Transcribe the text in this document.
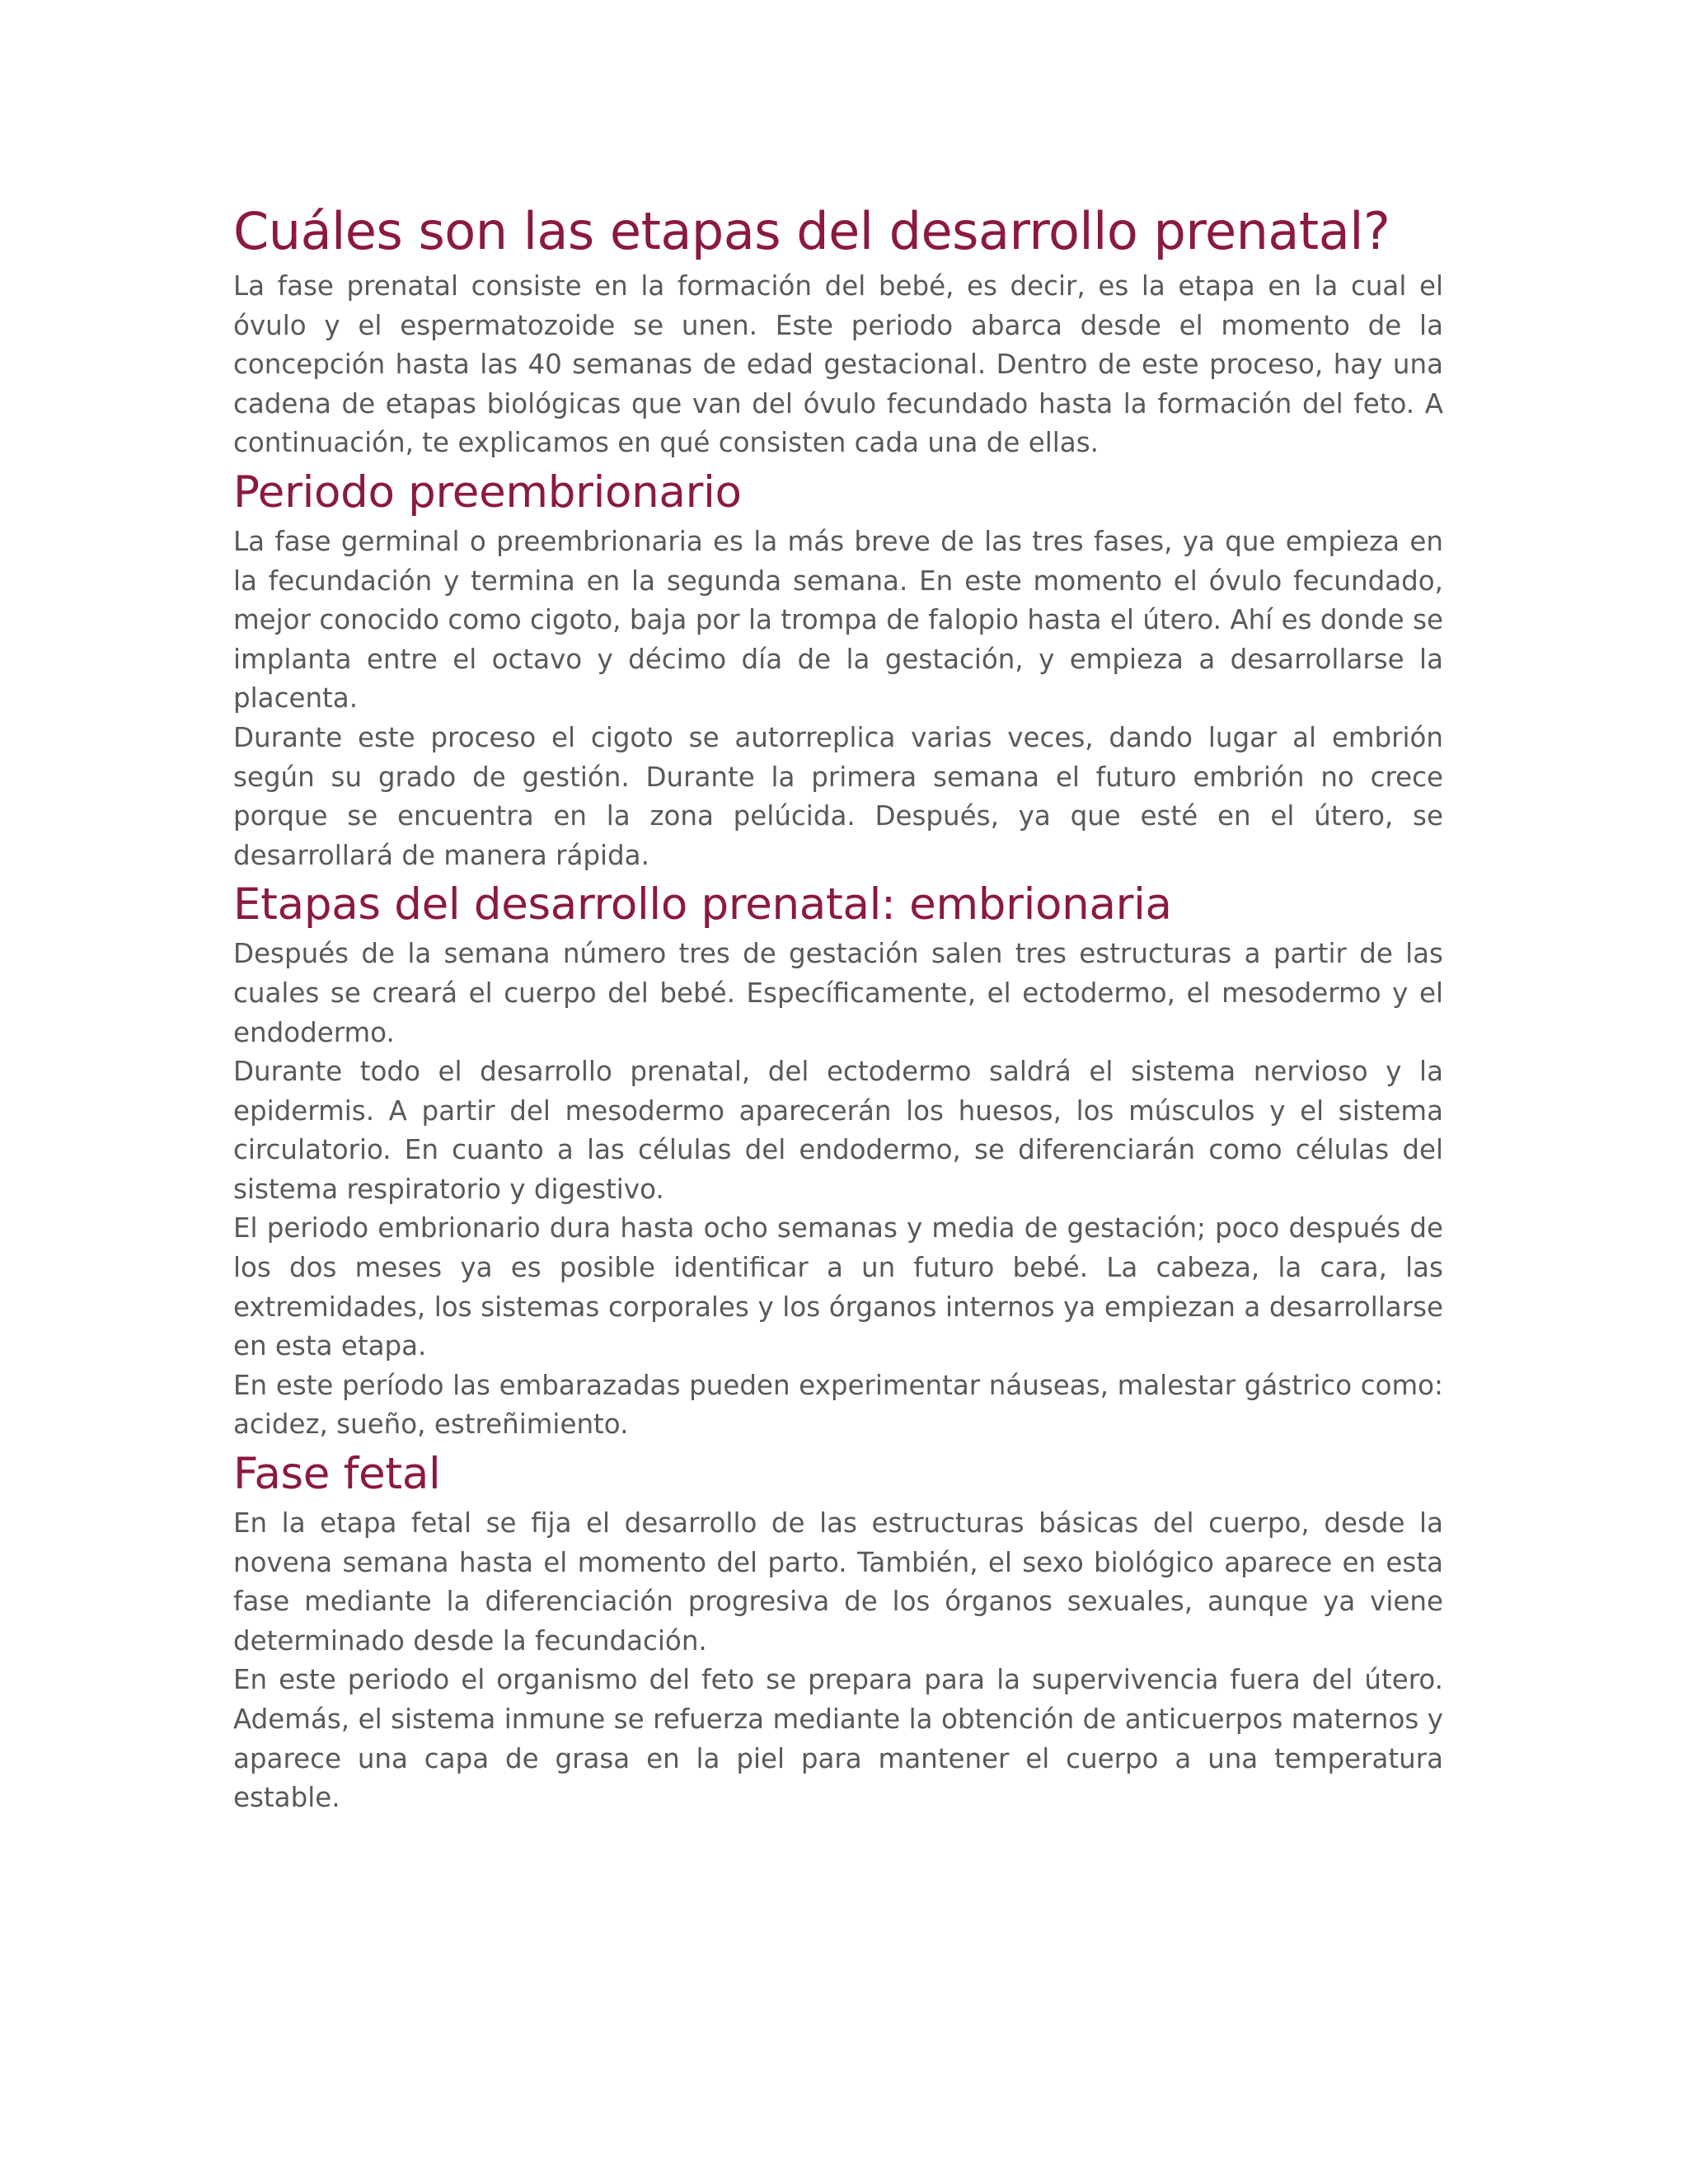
Cuáles son las etapas del desarrollo prenatal?

La fase prenatal consiste en la formación del bebé, es decir, es la etapa en la cual el óvulo y el espermatozoide se unen. Este periodo abarca desde el momento de la concepción hasta las 40 semanas de edad gestacional. Dentro de este proceso, hay una cadena de etapas biológicas que van del óvulo fecundado hasta la formación del feto. A continuación, te explicamos en qué consisten cada una de ellas.

Periodo preembrionario

La fase germinal o preembrionaria es la más breve de las tres fases, ya que empieza en la fecundación y termina en la segunda semana. En este momento el óvulo fecundado, mejor conocido como cigoto, baja por la trompa de falopio hasta el útero. Ahí es donde se implanta entre el octavo y décimo día de la gestación, y empieza a desarrollarse la placenta.

Durante este proceso el cigoto se autorreplica varias veces, dando lugar al embrión según su grado de gestión. Durante la primera semana el futuro embrión no crece porque se encuentra en la zona pelúcida. Después, ya que esté en el útero, se desarrollará de manera rápida.

Etapas del desarrollo prenatal: embrionaria

Después de la semana número tres de gestación salen tres estructuras a partir de las cuales se creará el cuerpo del bebé. Específicamente, el ectodermo, el mesodermo y el endodermo.

Durante todo el desarrollo prenatal, del ectodermo saldrá el sistema nervioso y la epidermis. A partir del mesodermo aparecerán los huesos, los músculos y el sistema circulatorio. En cuanto a las células del endodermo, se diferenciarán como células del sistema respiratorio y digestivo.

El periodo embrionario dura hasta ocho semanas y media de gestación; poco después de los dos meses ya es posible identificar a un futuro bebé. La cabeza, la cara, las extremidades, los sistemas corporales y los órganos internos ya empiezan a desarrollarse en esta etapa.

En este período las embarazadas pueden experimentar náuseas, malestar gástrico como: acidez, sueño, estreñimiento.

Fase fetal

En la etapa fetal se fija el desarrollo de las estructuras básicas del cuerpo, desde la novena semana hasta el momento del parto. También, el sexo biológico aparece en esta fase mediante la diferenciación progresiva de los órganos sexuales, aunque ya viene determinado desde la fecundación.

En este periodo el organismo del feto se prepara para la supervivencia fuera del útero. Además, el sistema inmune se refuerza mediante la obtención de anticuerpos maternos y aparece una capa de grasa en la piel para mantener el cuerpo a una temperatura estable.
